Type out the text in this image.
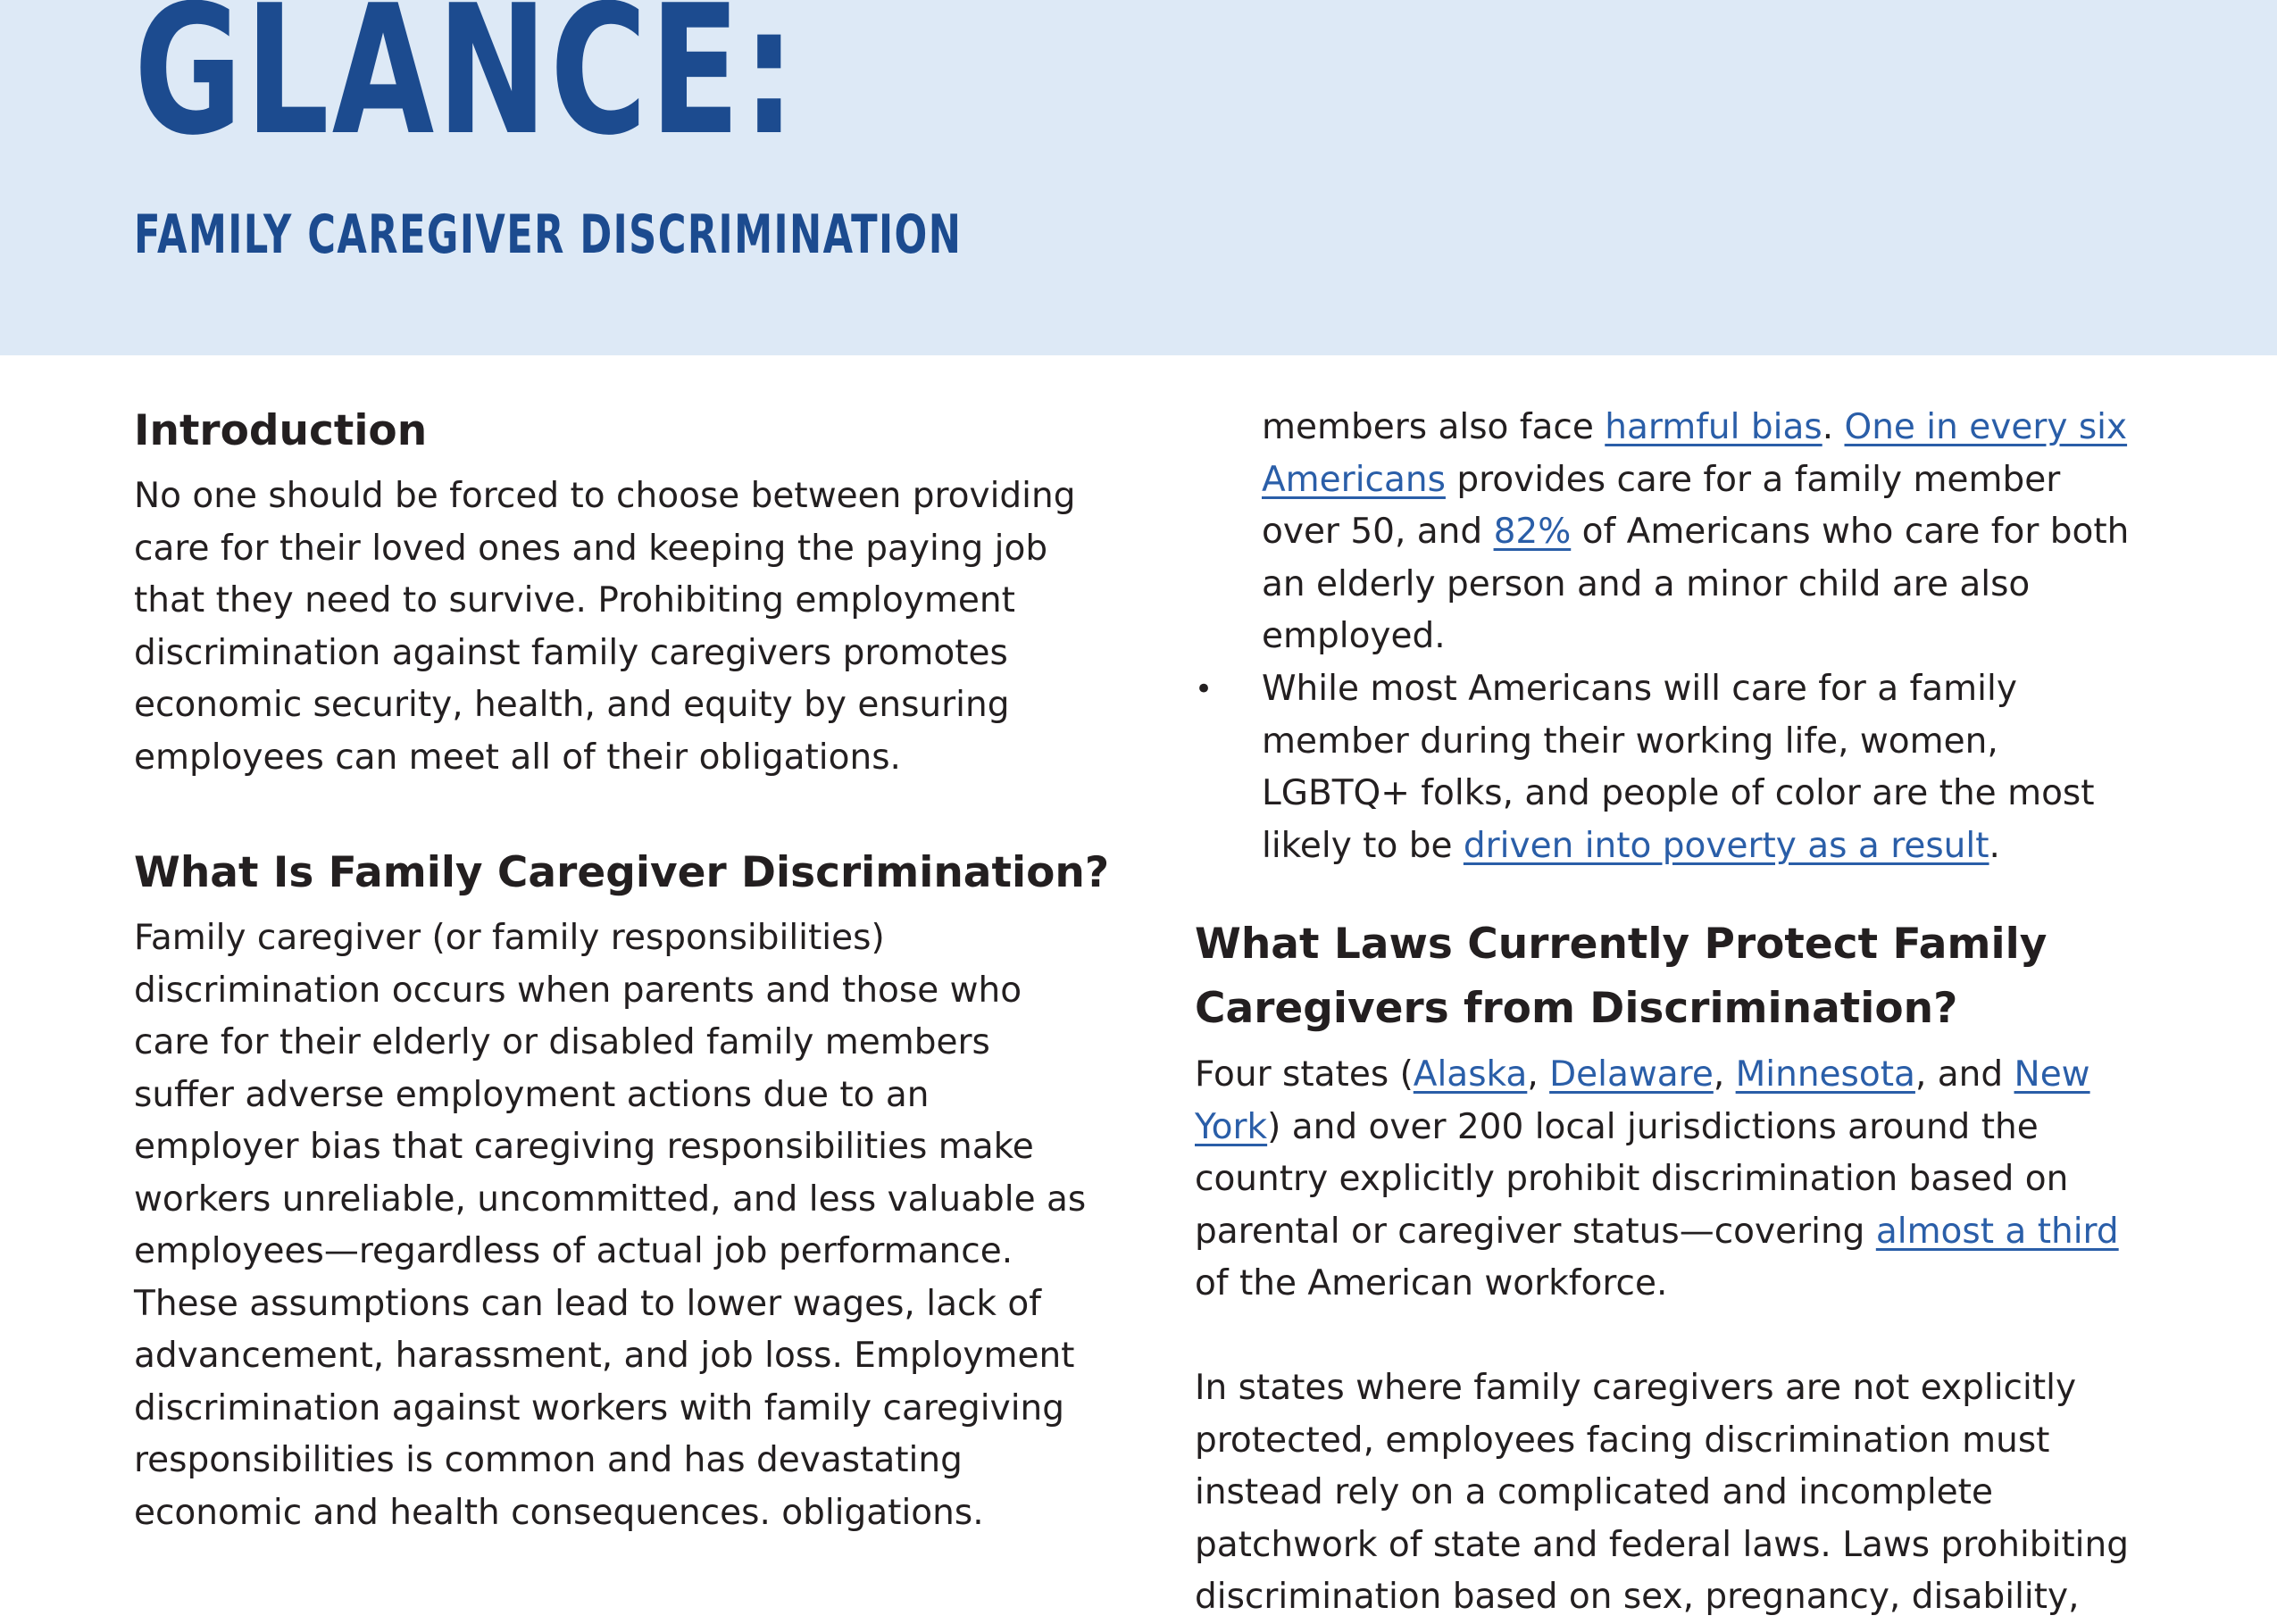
GLANCE:
FAMILY CAREGIVER DISCRIMINATION
Introduction

No one should be forced to choose between providing care for their loved ones and keeping the paying job that they need to survive. Prohibiting employment discrimination against family caregivers promotes economic security, health, and equity by ensuring employees can meet all of their obligations.

What Is Family Caregiver Discrimination?

Family caregiver (or family responsibilities) discrimination occurs when parents and those who care for their elderly or disabled family members suffer adverse employment actions due to an employer bias that caregiving responsibilities make workers unreliable, uncommitted, and less valuable as employees—regardless of actual job performance. These assumptions can lead to lower wages, lack of advancement, harassment, and job loss. Employment discrimination against workers with family caregiving responsibilities is common and has devastating economic and health consequences. obligations.

members also face harmful bias. One in every six Americans provides care for a family member over 50, and 82% of Americans who care for both an elderly person and a minor child are also employed.

• While most Americans will care for a family member during their working life, women, LGBTQ+ folks, and people of color are the most likely to be driven into poverty as a result.

What Laws Currently Protect Family
Caregivers from Discrimination?

Four states (Alaska, Delaware, Minnesota, and New York) and over 200 local jurisdictions around the country explicitly prohibit discrimination based on parental or caregiver status—covering almost a third of the American workforce.

In states where family caregivers are not explicitly protected, employees facing discrimination must instead rely on a complicated and incomplete patchwork of state and federal laws. Laws prohibiting discrimination based on sex, pregnancy, disability,
